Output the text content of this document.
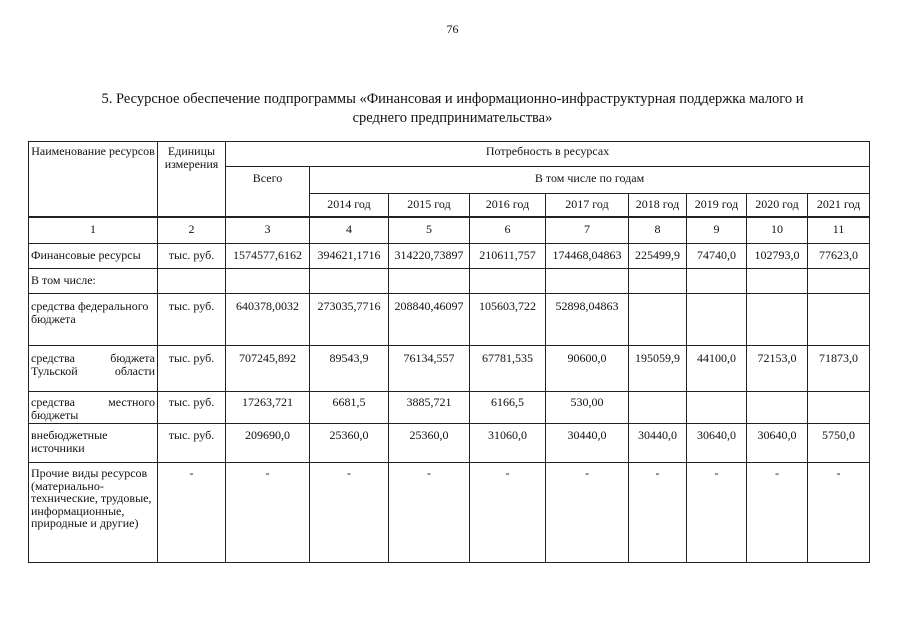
76
5. Ресурсное обеспечение подпрограммы «Финансовая и информационно-инфраструктурная поддержка малого и
среднего предпринимательства»
Наименование ресурсов	Единицы измерения	Потребность в ресурсах								
		Всего	В том числе по годам							
			2014 год	2015 год	2016 год	2017 год	2018 год	2019 год	2020 год	2021 год
1	2	3	4	5	6	7	8	9	10	11
Финансовые ресурсы	тыс. руб.	1574577,6162	394621,1716	314220,73897	210611,757	174468,04863	225499,9	74740,0	102793,0	77623,0
В том числе:										
средства федерального бюджета	тыс. руб.	640378,0032	273035,7716	208840,46097	105603,722	52898,04863				
средства бюджета Тульской области	тыс. руб.	707245,892	89543,9	76134,557	67781,535	90600,0	195059,9	44100,0	72153,0	71873,0
средства местного бюджеты	тыс. руб.	17263,721	6681,5	3885,721	6166,5	530,00				
внебюджетные источники	тыс. руб.	209690,0	25360,0	25360,0	31060,0	30440,0	30440,0	30640,0	30640,0	5750,0
Прочие виды ресурсов (материально-технические, трудовые, информационные, природные и другие)	-	-	-	-	-	-	-	-	-	-
